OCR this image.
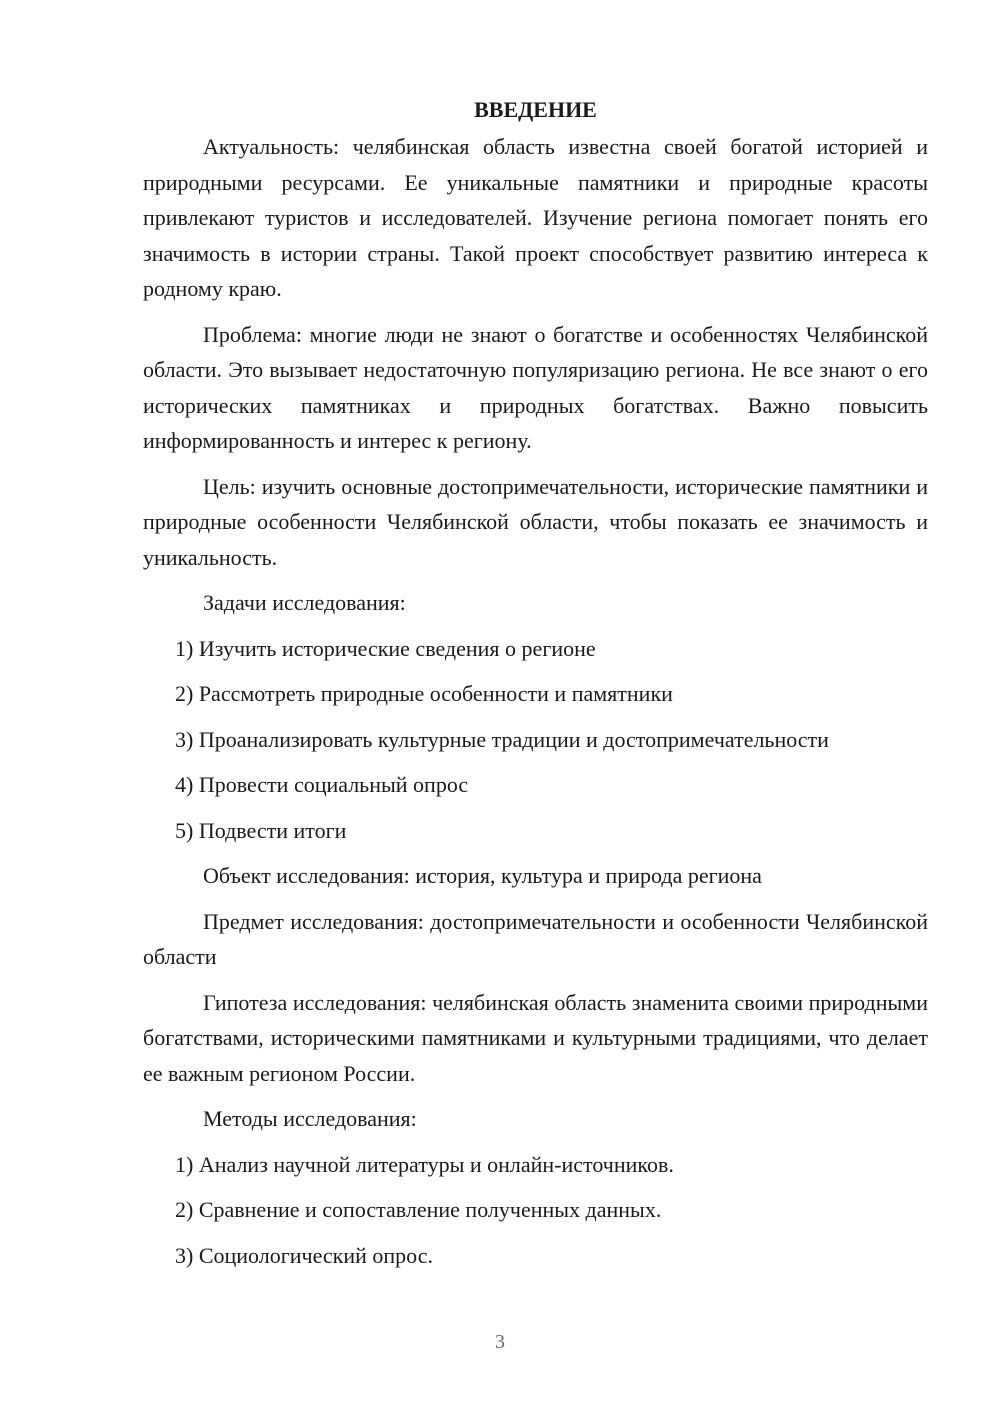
ВВЕДЕНИЕ

Актуальность: челябинская область известна своей богатой историей и природными ресурсами. Ее уникальные памятники и природные красоты привлекают туристов и исследователей. Изучение региона помогает понять его значимость в истории страны. Такой проект способствует развитию интереса к родному краю.

Проблема: многие люди не знают о богатстве и особенностях Челябинской области. Это вызывает недостаточную популяризацию региона. Не все знают о его исторических памятниках и природных богатствах. Важно повысить информированность и интерес к региону.

Цель: изучить основные достопримечательности, исторические памятники и природные особенности Челябинской области, чтобы показать ее значимость и уникальность.

Задачи исследования:

1) Изучить исторические сведения о регионе

2) Рассмотреть природные особенности и памятники

3) Проанализировать культурные традиции и достопримечательности

4) Провести социальный опрос

5) Подвести итоги

Объект исследования: история, культура и природа региона

Предмет исследования: достопримечательности и особенности Челябинской области

Гипотеза исследования: челябинская область знаменита своими природными богатствами, историческими памятниками и культурными традициями, что делает ее важным регионом России.

Методы исследования:

1) Анализ научной литературы и онлайн-источников.

2) Сравнение и сопоставление полученных данных.

3) Социологический опрос.

3
